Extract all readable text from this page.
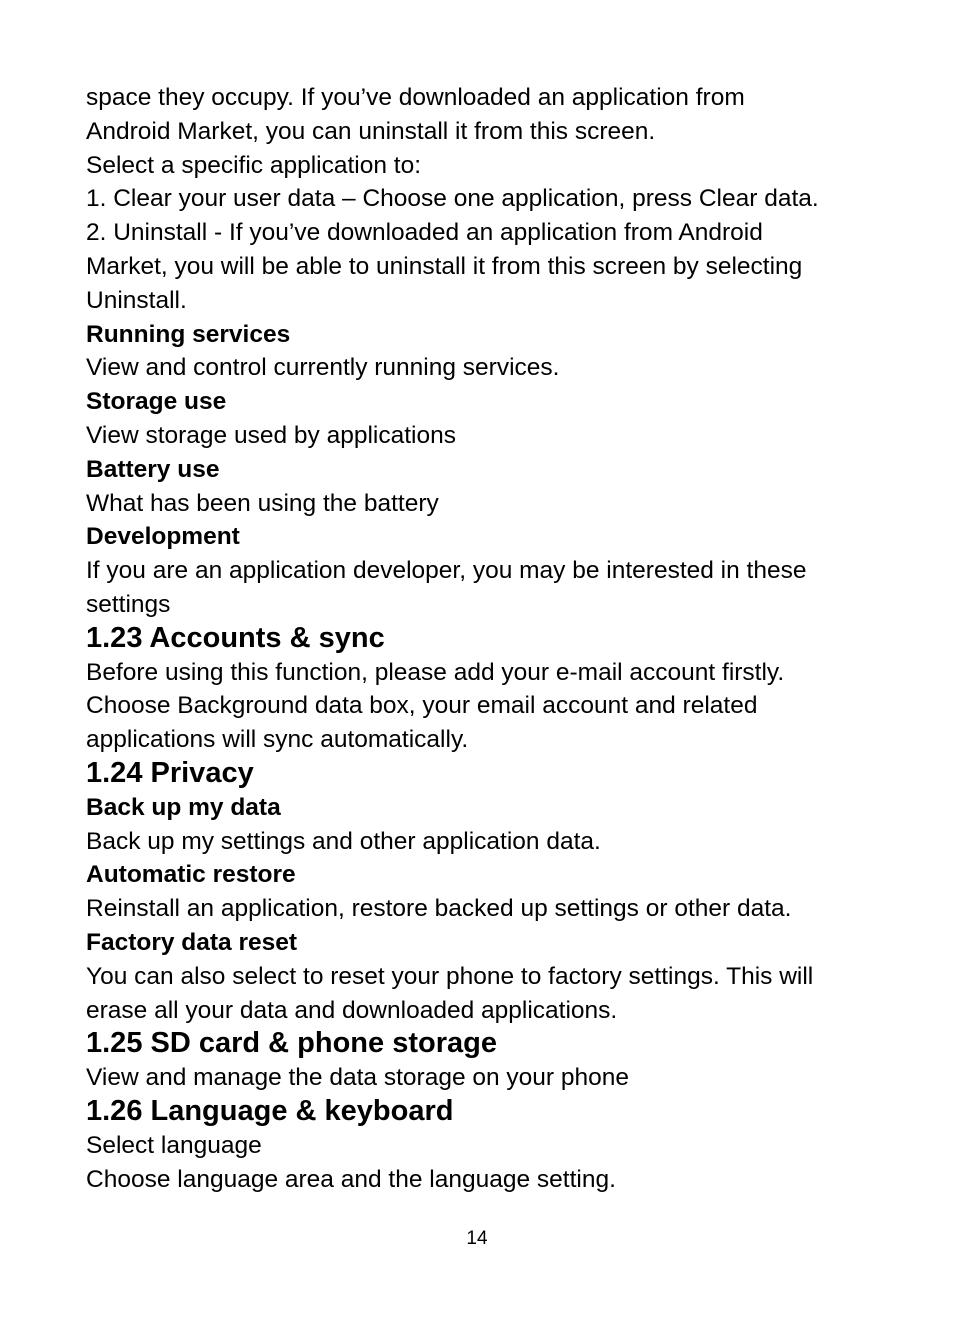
space they occupy. If you’ve downloaded an application from
Android Market, you can uninstall it from this screen.
Select a specific application to:
1. Clear your user data – Choose one application, press Clear data.
2. Uninstall - If you’ve downloaded an application from Android
Market, you will be able to uninstall it from this screen by selecting
Uninstall.
Running services
View and control currently running services.
Storage use
View storage used by applications
Battery use
What has been using the battery
Development
If you are an application developer, you may be interested in these
settings
1.23 Accounts & sync
Before using this function, please add your e-mail account firstly.
Choose Background data box, your email account and related
applications will sync automatically.
1.24 Privacy
Back up my data
Back up my settings and other application data.
Automatic restore
Reinstall an application, restore backed up settings or other data.
Factory data reset
You can also select to reset your phone to factory settings. This will
erase all your data and downloaded applications.
1.25 SD card & phone storage
View and manage the data storage on your phone
1.26 Language & keyboard
Select language
Choose language area and the language setting.
14
